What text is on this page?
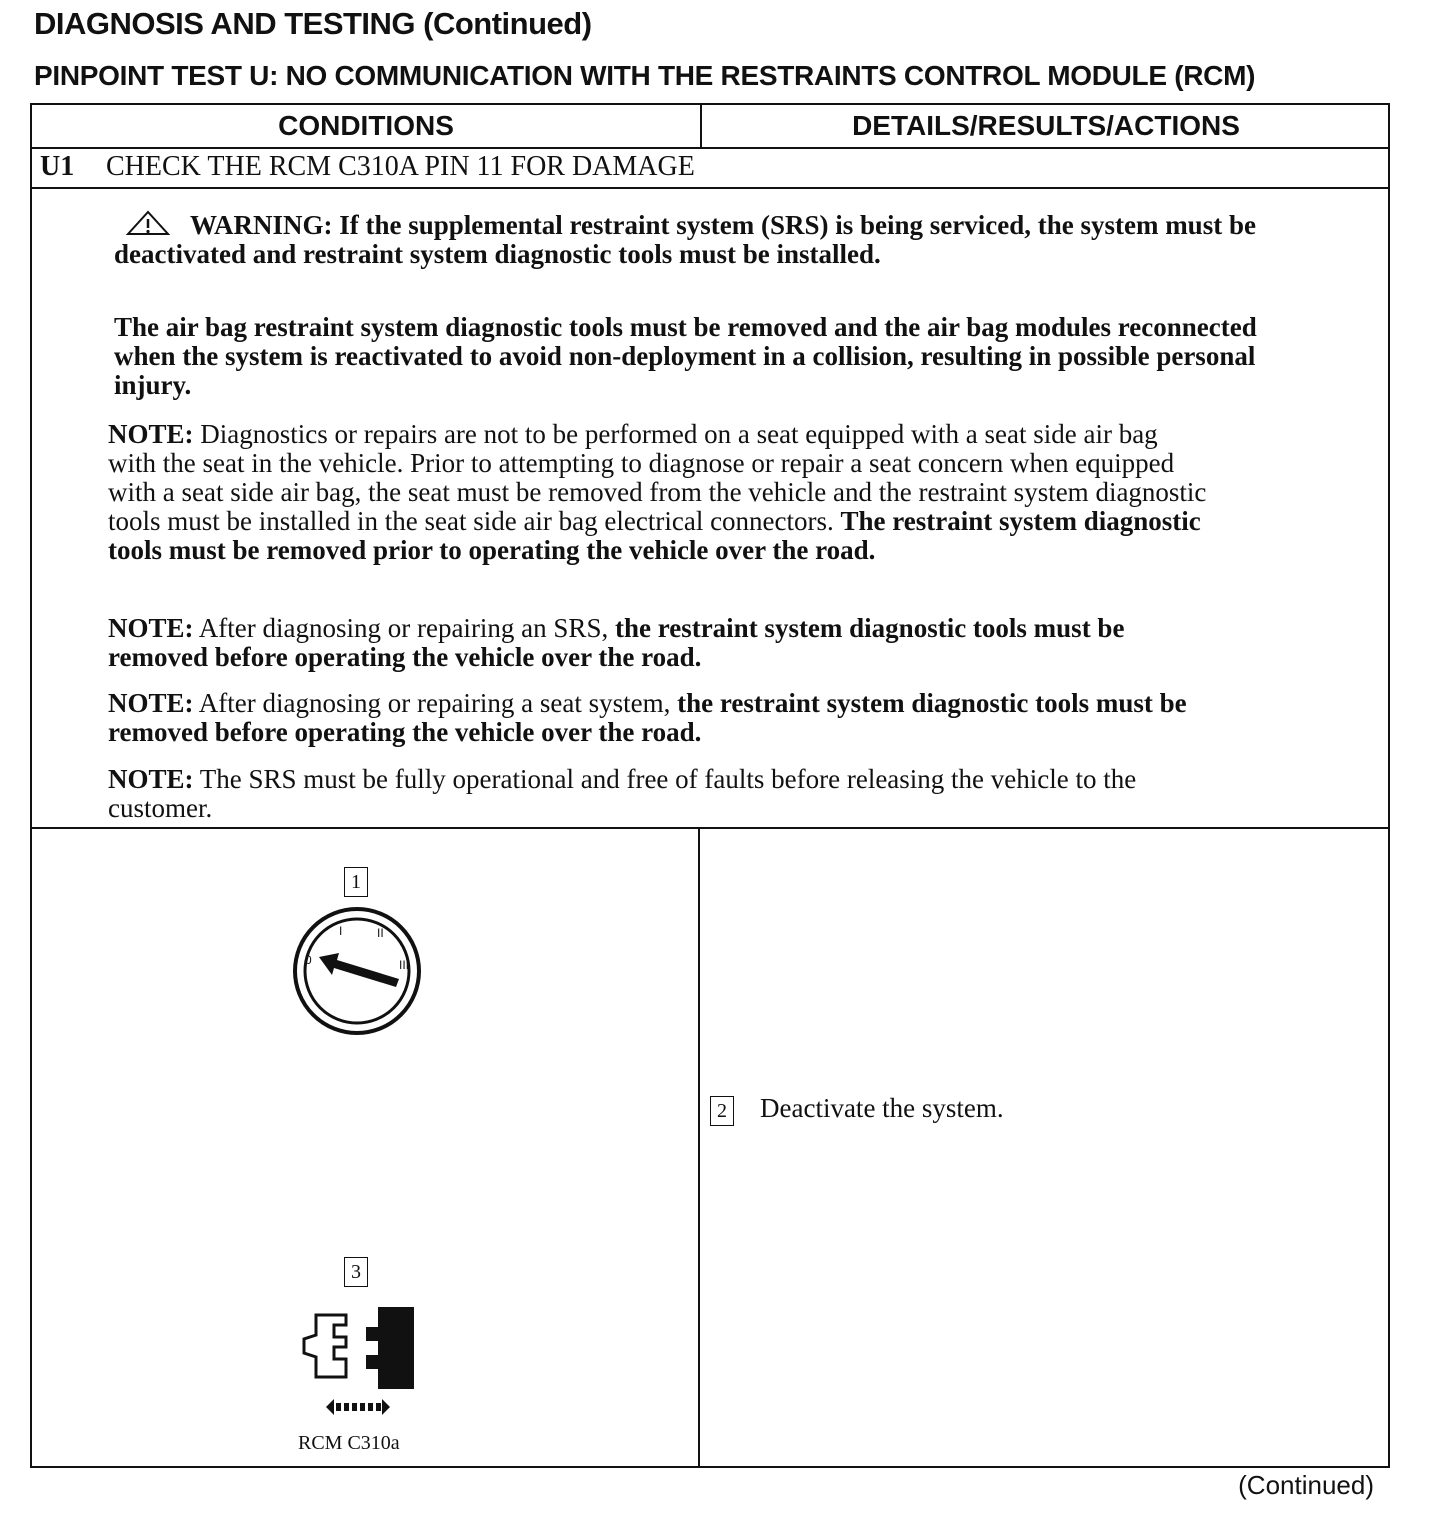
DIAGNOSIS AND TESTING (Continued)
PINPOINT TEST U: NO COMMUNICATION WITH THE RESTRAINTS CONTROL MODULE (RCM)
CONDITIONS	DETAILS/RESULTS/ACTIONS
U1 CHECK THE RCM C310A PIN 11 FOR DAMAGE
WARNING: If the supplemental restraint system (SRS) is being serviced, the system must be deactivated and restraint system diagnostic tools must be installed.
The air bag restraint system diagnostic tools must be removed and the air bag modules reconnected when the system is reactivated to avoid non-deployment in a collision, resulting in possible personal injury.
NOTE: Diagnostics or repairs are not to be performed on a seat equipped with a seat side air bag with the seat in the vehicle. Prior to attempting to diagnose or repair a seat concern when equipped with a seat side air bag, the seat must be removed from the vehicle and the restraint system diagnostic tools must be installed in the seat side air bag electrical connectors. The restraint system diagnostic tools must be removed prior to operating the vehicle over the road.
NOTE: After diagnosing or repairing an SRS, the restraint system diagnostic tools must be removed before operating the vehicle over the road.
NOTE: After diagnosing or repairing a seat system, the restraint system diagnostic tools must be removed before operating the vehicle over the road.
NOTE: The SRS must be fully operational and free of faults before releasing the vehicle to the customer.
1
0
I	II
III
3
RCM C310a
2 Deactivate the system.
(Continued)
